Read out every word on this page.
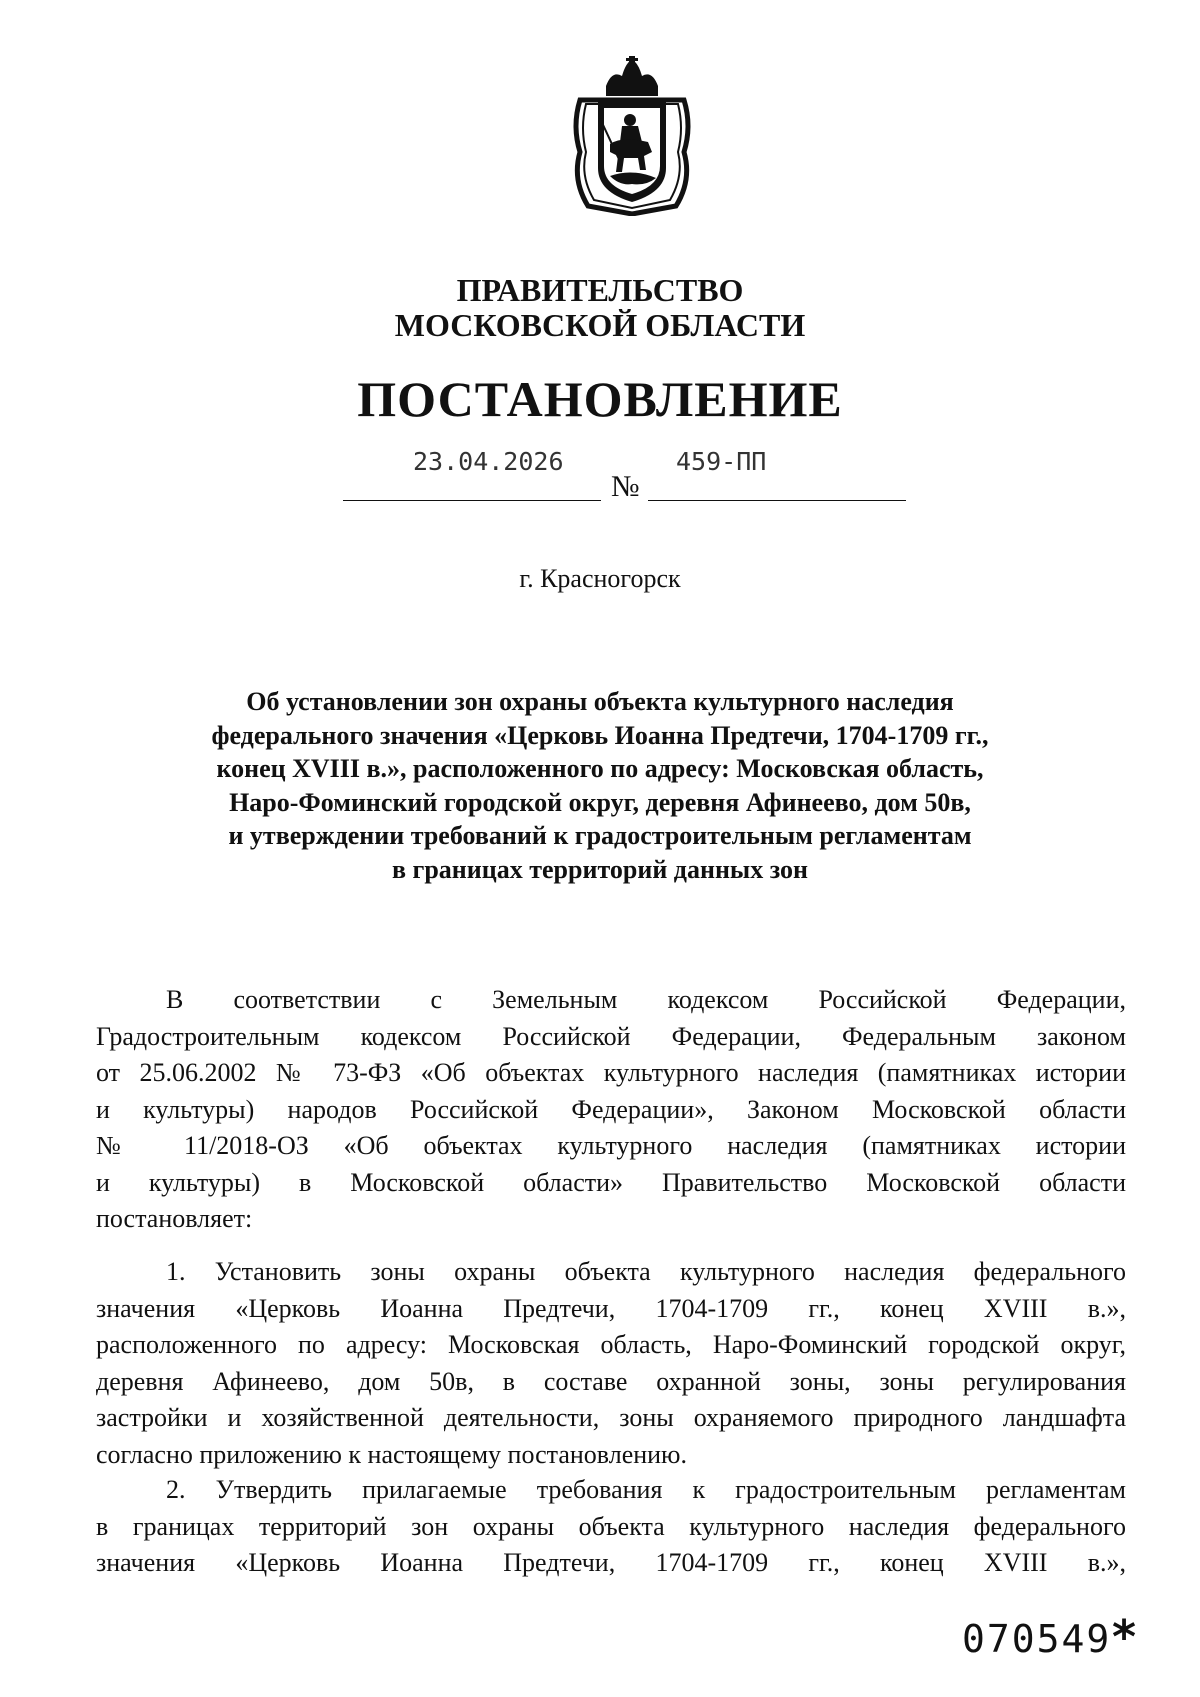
ПРАВИТЕЛЬСТВО
МОСКОВСКОЙ ОБЛАСТИ
ПОСТАНОВЛЕНИЕ
23.04.2026	459-ПП
№
г. Красногорск
Об установлении зон охраны объекта культурного наследия
федерального значения «Церковь Иоанна Предтечи, 1704-1709 гг.,
конец XVIII в.», расположенного по адресу: Московская область,
Наро-Фоминский городской округ, деревня Афинеево, дом 50в,
и утверждении требований к градостроительным регламентам
в границах территорий данных зон
В соответствии с Земельным кодексом Российской Федерации,
Градостроительным кодексом Российской Федерации, Федеральным законом
от 25.06.2002 № 73-ФЗ «Об объектах культурного наследия (памятниках истории
и культуры) народов Российской Федерации», Законом Московской области
№ 11/2018-ОЗ «Об объектах культурного наследия (памятниках истории
и культуры) в Московской области» Правительство Московской области
постановляет:
1. Установить зоны охраны объекта культурного наследия федерального
значения «Церковь Иоанна Предтечи, 1704-1709 гг., конец XVIII в.»,
расположенного по адресу: Московская область, Наро-Фоминский городской округ,
деревня Афинеево, дом 50в, в составе охранной зоны, зоны регулирования
застройки и хозяйственной деятельности, зоны охраняемого природного ландшафта
согласно приложению к настоящему постановлению.
2. Утвердить прилагаемые требования к градостроительным регламентам
в границах территорий зон охраны объекта культурного наследия федерального
значения «Церковь Иоанна Предтечи, 1704-1709 гг., конец XVIII в.»,
070549 *
